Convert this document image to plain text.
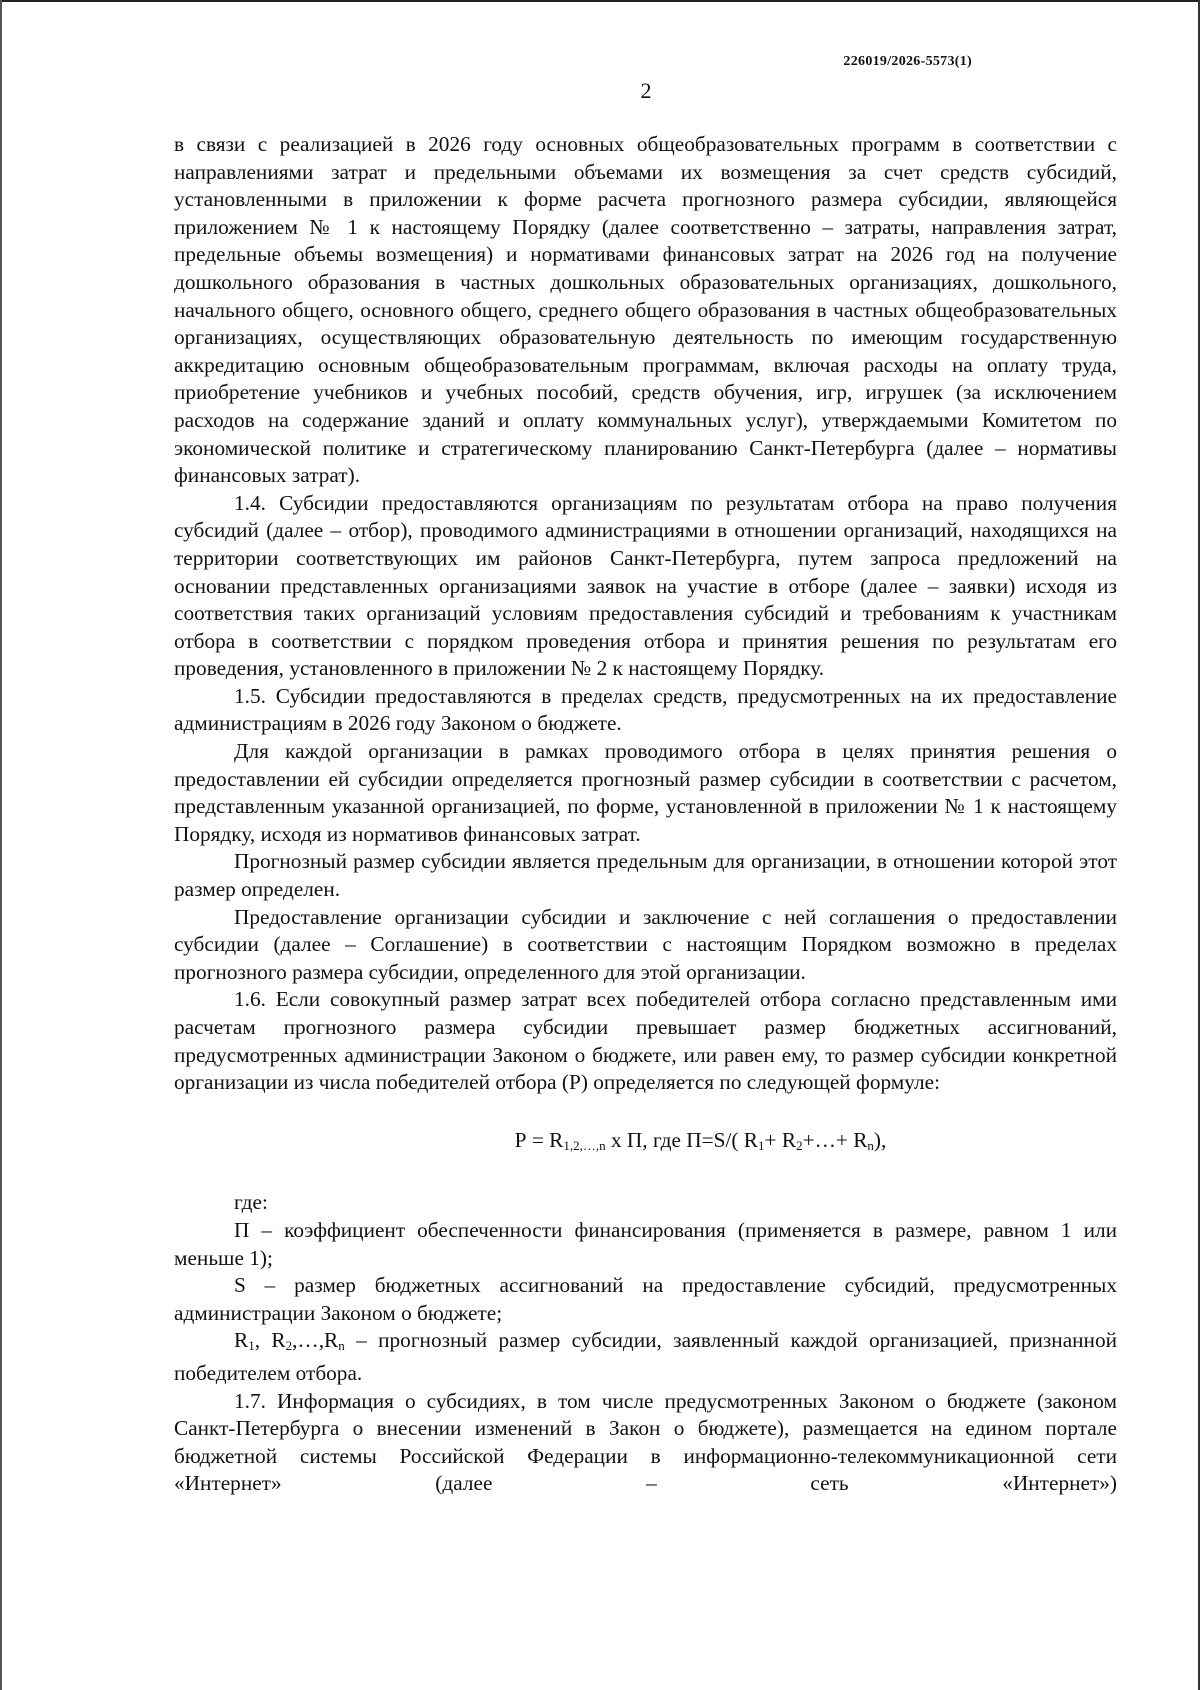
226019/2026-5573(1)
2

в связи с реализацией в 2026 году основных общеобразовательных программ в соответствии с направлениями затрат и предельными объемами их возмещения за счет средств субсидий, установленными в приложении к форме расчета прогнозного размера субсидии, являющейся приложением № 1 к настоящему Порядку (далее соответственно – затраты, направления затрат, предельные объемы возмещения) и нормативами финансовых затрат на 2026 год на получение дошкольного образования в частных дошкольных образовательных организациях, дошкольного, начального общего, основного общего, среднего общего образования в частных общеобразовательных организациях, осуществляющих образовательную деятельность по имеющим государственную аккредитацию основным общеобразовательным программам, включая расходы на оплату труда, приобретение учебников и учебных пособий, средств обучения, игр, игрушек (за исключением расходов на содержание зданий и оплату коммунальных услуг), утверждаемыми Комитетом по экономической политике и стратегическому планированию Санкт-Петербурга (далее – нормативы финансовых затрат).

1.4. Субсидии предоставляются организациям по результатам отбора на право получения субсидий (далее – отбор), проводимого администрациями в отношении организаций, находящихся на территории соответствующих им районов Санкт-Петербурга, путем запроса предложений на основании представленных организациями заявок на участие в отборе (далее – заявки) исходя из соответствия таких организаций условиям предоставления субсидий и требованиям к участникам отбора в соответствии с порядком проведения отбора и принятия решения по результатам его проведения, установленного в приложении № 2 к настоящему Порядку.

1.5. Субсидии предоставляются в пределах средств, предусмотренных на их предоставление администрациям в 2026 году Законом о бюджете.

Для каждой организации в рамках проводимого отбора в целях принятия решения о предоставлении ей субсидии определяется прогнозный размер субсидии в соответствии с расчетом, представленным указанной организацией, по форме, установленной в приложении № 1 к настоящему Порядку, исходя из нормативов финансовых затрат.

Прогнозный размер субсидии является предельным для организации, в отношении которой этот размер определен.

Предоставление организации субсидии и заключение с ней соглашения о предоставлении субсидии (далее – Соглашение) в соответствии с настоящим Порядком возможно в пределах прогнозного размера субсидии, определенного для этой организации.

1.6. Если совокупный размер затрат всех победителей отбора согласно представленным ими расчетам прогнозного размера субсидии превышает размер бюджетных ассигнований, предусмотренных администрации Законом о бюджете, или равен ему, то размер субсидии конкретной организации из числа победителей отбора (Р) определяется по следующей формуле:

$Р = R_{1,2,\dots,n}$ х П, где П=S/( $R_1+$ $R_2+\dots+ R_n$),

где:

П – коэффициент обеспеченности финансирования (применяется в размере, равном 1 или меньше 1);

S – размер бюджетных ассигнований на предоставление субсидий, предусмотренных администрации Законом о бюджете;

$R_1$, $R_2,\dots,R_n$ – прогнозный размер субсидии, заявленный каждой организацией, признанной победителем отбора.

1.7. Информация о субсидиях, в том числе предусмотренных Законом о бюджете (законом Санкт-Петербурга о внесении изменений в Закон о бюджете), размещается на едином портале бюджетной системы Российской Федерации в информационно-телекоммуникационной сети «Интернет» (далее – сеть «Интернет»)
